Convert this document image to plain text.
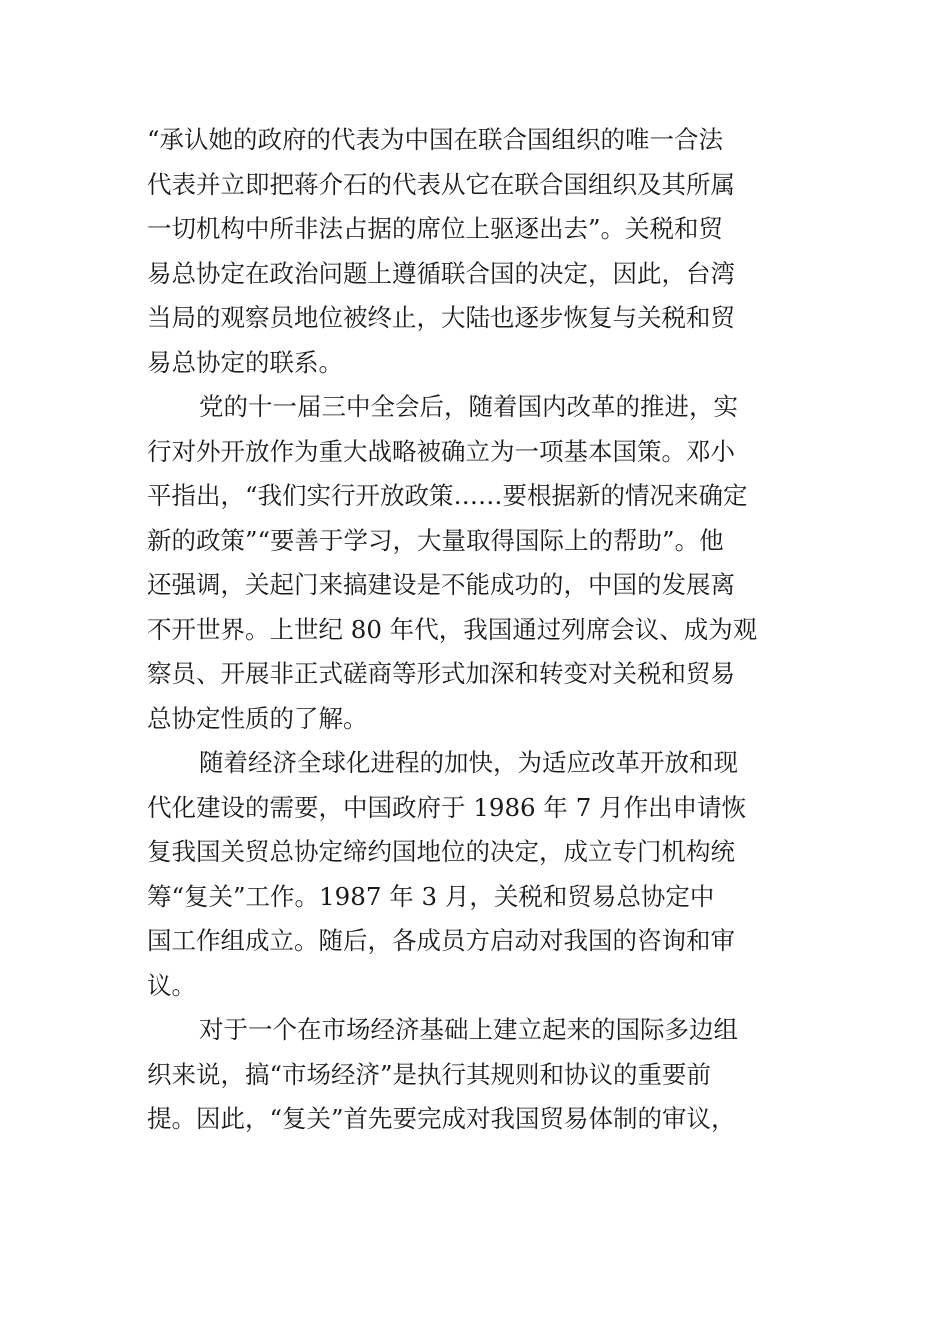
“承认她的政府的代表为中国在联合国组织的唯一合法
代表并立即把蒋介石的代表从它在联合国组织及其所属
一切机构中所非法占据的席位上驱逐出去”。关税和贸
易总协定在政治问题上遵循联合国的决定，因此，台湾
当局的观察员地位被终止，大陆也逐步恢复与关税和贸
易总协定的联系。
党的十一届三中全会后，随着国内改革的推进，实
行对外开放作为重大战略被确立为一项基本国策。邓小
平指出，“我们实行开放政策……要根据新的情况来确定
新的政策”“要善于学习，大量取得国际上的帮助”。他
还强调，关起门来搞建设是不能成功的，中国的发展离
不开世界。上世纪 80 年代，我国通过列席会议、成为观
察员、开展非正式磋商等形式加深和转变对关税和贸易
总协定性质的了解。
随着经济全球化进程的加快，为适应改革开放和现
代化建设的需要，中国政府于 1986 年 7 月作出申请恢
复我国关贸总协定缔约国地位的决定，成立专门机构统
筹“复关”工作。1987 年 3 月，关税和贸易总协定中
国工作组成立。随后，各成员方启动对我国的咨询和审
议。
对于一个在市场经济基础上建立起来的国际多边组
织来说，搞“市场经济”是执行其规则和协议的重要前
提。因此，“复关”首先要完成对我国贸易体制的审议，
